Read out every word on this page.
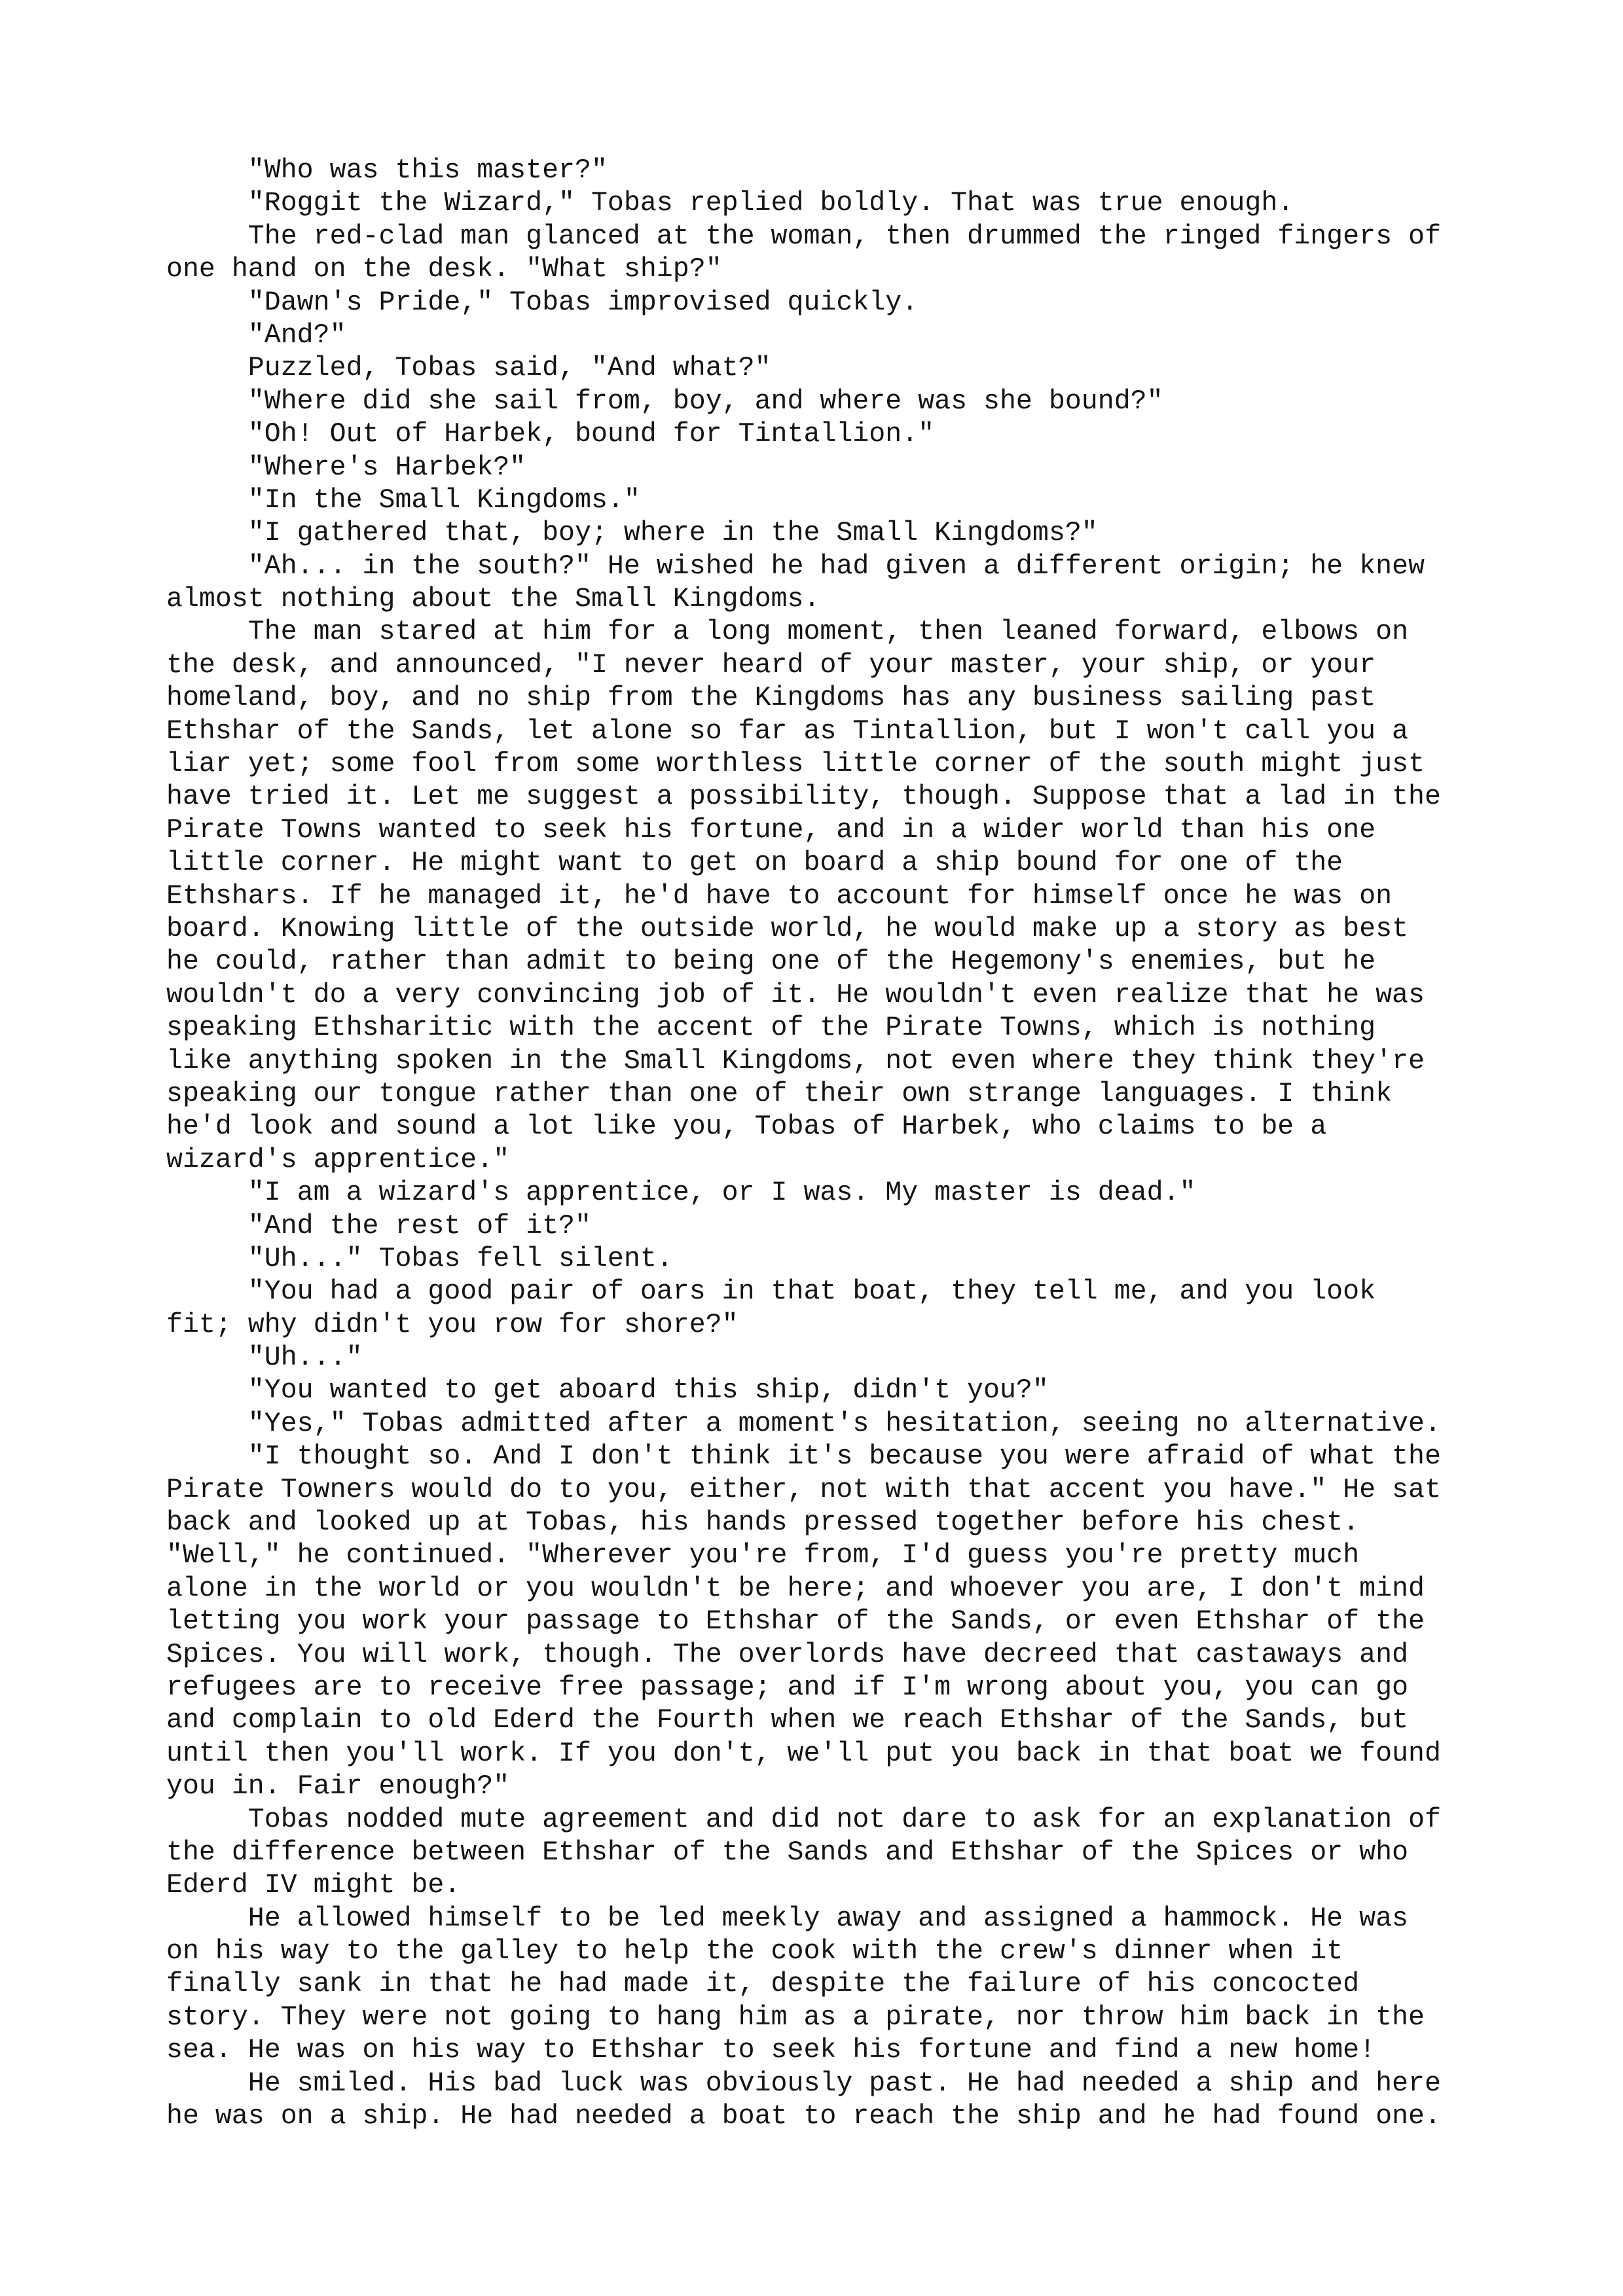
"Who was this master?"
"Roggit the Wizard," Tobas replied boldly. That was true enough.
The red-clad man glanced at the woman, then drummed the ringed fingers of
one hand on the desk. "What ship?"
"Dawn's Pride," Tobas improvised quickly.
"And?"
Puzzled, Tobas said, "And what?"
"Where did she sail from, boy, and where was she bound?"
"Oh! Out of Harbek, bound for Tintallion."
"Where's Harbek?"
"In the Small Kingdoms."
"I gathered that, boy; where in the Small Kingdoms?"
"Ah... in the south?" He wished he had given a different origin; he knew
almost nothing about the Small Kingdoms.
The man stared at him for a long moment, then leaned forward, elbows on
the desk, and announced, "I never heard of your master, your ship, or your
homeland, boy, and no ship from the Kingdoms has any business sailing past
Ethshar of the Sands, let alone so far as Tintallion, but I won't call you a
liar yet; some fool from some worthless little corner of the south might just
have tried it. Let me suggest a possibility, though. Suppose that a lad in the
Pirate Towns wanted to seek his fortune, and in a wider world than his one
little corner. He might want to get on board a ship bound for one of the
Ethshars. If he managed it, he'd have to account for himself once he was on
board. Knowing little of the outside world, he would make up a story as best
he could, rather than admit to being one of the Hegemony's enemies, but he
wouldn't do a very convincing job of it. He wouldn't even realize that he was
speaking Ethsharitic with the accent of the Pirate Towns, which is nothing
like anything spoken in the Small Kingdoms, not even where they think they're
speaking our tongue rather than one of their own strange languages. I think
he'd look and sound a lot like you, Tobas of Harbek, who claims to be a
wizard's apprentice."
"I am a wizard's apprentice, or I was. My master is dead."
"And the rest of it?"
"Uh..." Tobas fell silent.
"You had a good pair of oars in that boat, they tell me, and you look
fit; why didn't you row for shore?"
"Uh..."
"You wanted to get aboard this ship, didn't you?"
"Yes," Tobas admitted after a moment's hesitation, seeing no alternative.
"I thought so. And I don't think it's because you were afraid of what the
Pirate Towners would do to you, either, not with that accent you have." He sat
back and looked up at Tobas, his hands pressed together before his chest.
"Well," he continued. "Wherever you're from, I'd guess you're pretty much
alone in the world or you wouldn't be here; and whoever you are, I don't mind
letting you work your passage to Ethshar of the Sands, or even Ethshar of the
Spices. You will work, though. The overlords have decreed that castaways and
refugees are to receive free passage; and if I'm wrong about you, you can go
and complain to old Ederd the Fourth when we reach Ethshar of the Sands, but
until then you'll work. If you don't, we'll put you back in that boat we found
you in. Fair enough?"
Tobas nodded mute agreement and did not dare to ask for an explanation of
the difference between Ethshar of the Sands and Ethshar of the Spices or who
Ederd IV might be.
He allowed himself to be led meekly away and assigned a hammock. He was
on his way to the galley to help the cook with the crew's dinner when it
finally sank in that he had made it, despite the failure of his concocted
story. They were not going to hang him as a pirate, nor throw him back in the
sea. He was on his way to Ethshar to seek his fortune and find a new home!
He smiled. His bad luck was obviously past. He had needed a ship and here
he was on a ship. He had needed a boat to reach the ship and he had found one.
